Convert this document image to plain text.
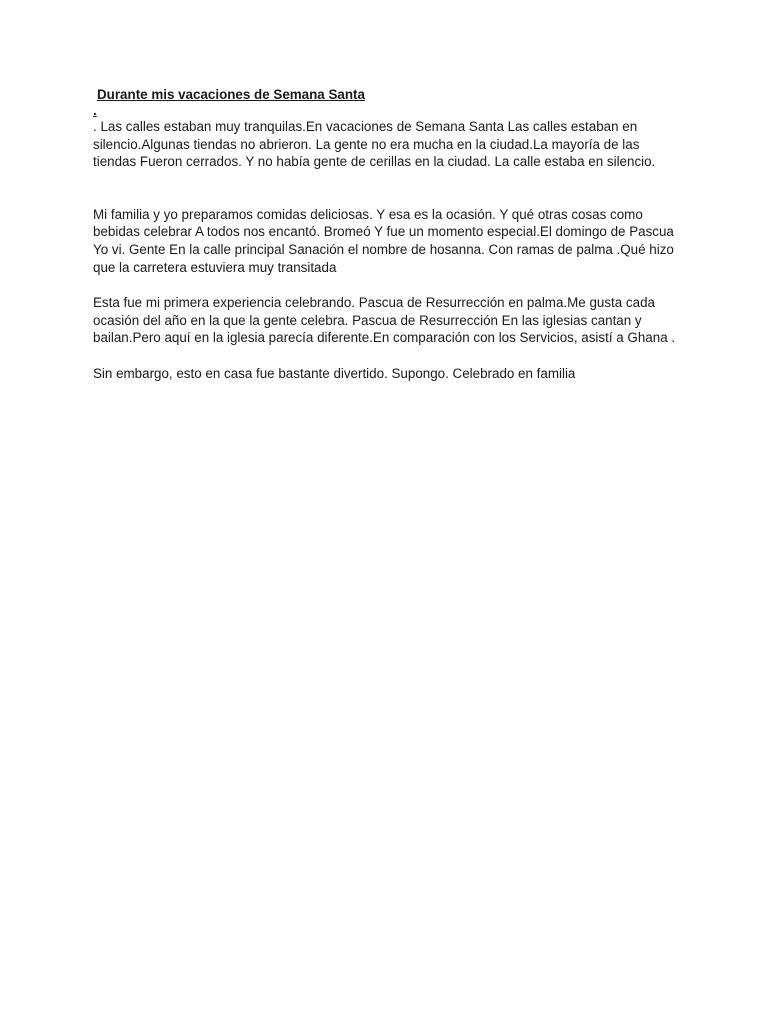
Durante mis vacaciones de Semana Santa
.

. Las calles estaban muy tranquilas.En vacaciones de Semana Santa Las calles estaban en silencio.Algunas tiendas no abrieron. La gente no era mucha en la ciudad.La mayoría de las tiendas Fueron cerrados. Y no había gente de cerillas en la ciudad. La calle estaba en silencio.

Mi familia y yo preparamos comidas deliciosas. Y esa es la ocasión. Y qué otras cosas como bebidas celebrar A todos nos encantó. Bromeó Y fue un momento especial.El domingo de Pascua Yo vi. Gente En la calle principal Sanación el nombre de hosanna. Con ramas de palma .Qué hizo que la carretera estuviera muy transitada

Esta fue mi primera experiencia celebrando. Pascua de Resurrección en palma.Me gusta cada ocasión del año en la que la gente celebra. Pascua de Resurrección En las iglesias cantan y bailan.Pero aquí en la iglesia parecía diferente.En comparación con los Servicios, asistí a Ghana .

Sin embargo, esto en casa fue bastante divertido. Supongo. Celebrado en familia
